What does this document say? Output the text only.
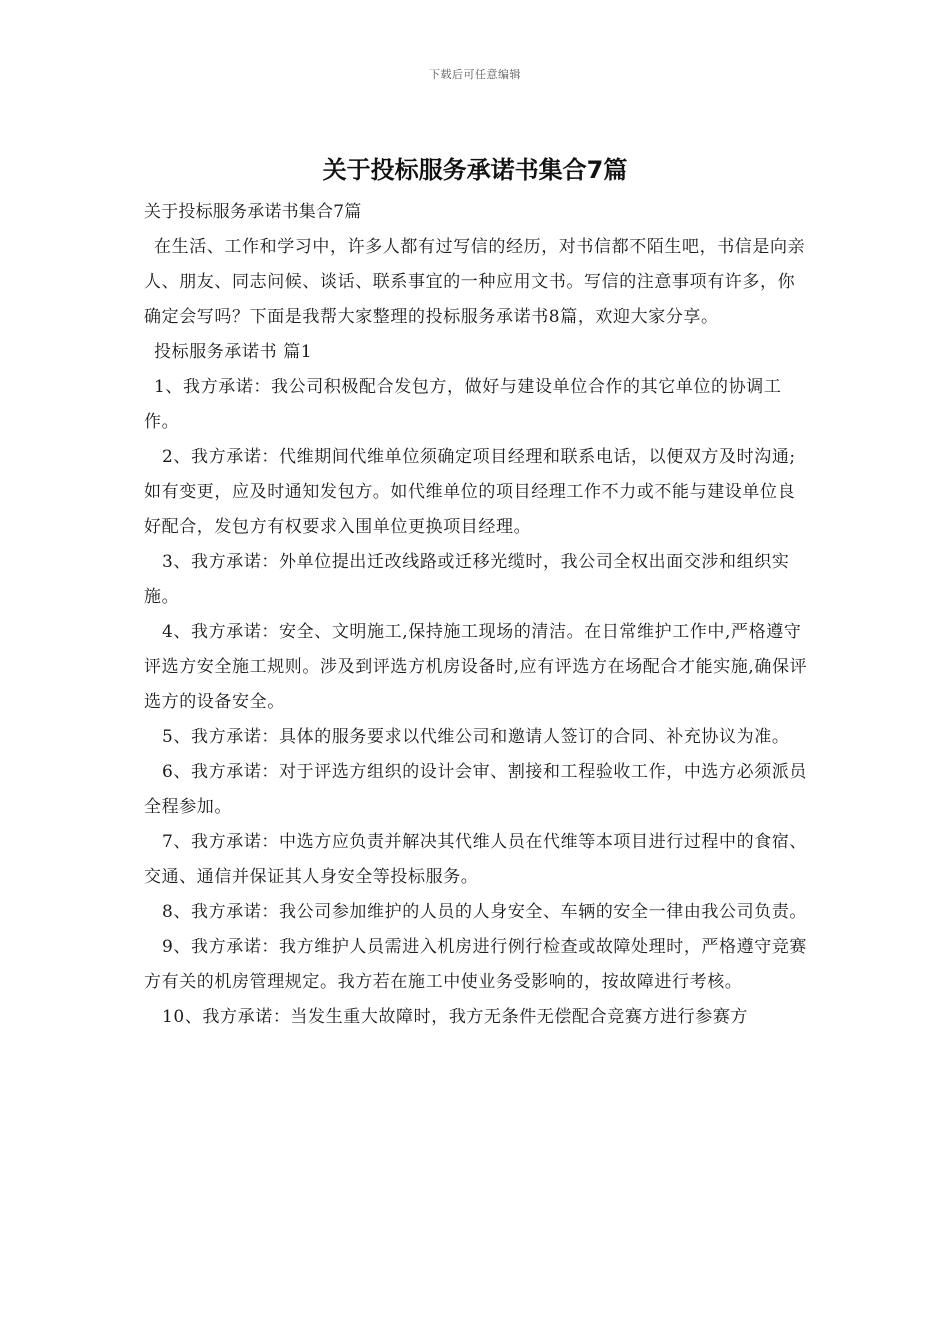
下载后可任意编辑
关于投标服务承诺书集合7篇

关于投标服务承诺书集合7篇

在生活、工作和学习中，许多人都有过写信的经历，对书信都不陌生吧，书信是向亲人、朋友、同志问候、谈话、联系事宜的一种应用文书。写信的注意事项有许多，你确定会写吗？下面是我帮大家整理的投标服务承诺书8篇，欢迎大家分享。

投标服务承诺书 篇1

1、我方承诺：我公司积极配合发包方，做好与建设单位合作的其它单位的协调工作。

2、我方承诺：代维期间代维单位须确定项目经理和联系电话，以便双方及时沟通;如有变更，应及时通知发包方。如代维单位的项目经理工作不力或不能与建设单位良好配合，发包方有权要求入围单位更换项目经理。

3、我方承诺：外单位提出迁改线路或迁移光缆时，我公司全权出面交涉和组织实施。

4、我方承诺：安全、文明施工,保持施工现场的清洁。在日常维护工作中,严格遵守评选方安全施工规则。涉及到评选方机房设备时,应有评选方在场配合才能实施,确保评选方的设备安全。

5、我方承诺：具体的服务要求以代维公司和邀请人签订的合同、补充协议为准。

6、我方承诺：对于评选方组织的设计会审、割接和工程验收工作，中选方必须派员全程参加。

7、我方承诺：中选方应负责并解决其代维人员在代维等本项目进行过程中的食宿、交通、通信并保证其人身安全等投标服务。

8、我方承诺：我公司参加维护的人员的人身安全、车辆的安全一律由我公司负责。

9、我方承诺：我方维护人员需进入机房进行例行检查或故障处理时，严格遵守竞赛方有关的机房管理规定。我方若在施工中使业务受影响的，按故障进行考核。

10、我方承诺：当发生重大故障时，我方无条件无偿配合竞赛方进行参赛方
